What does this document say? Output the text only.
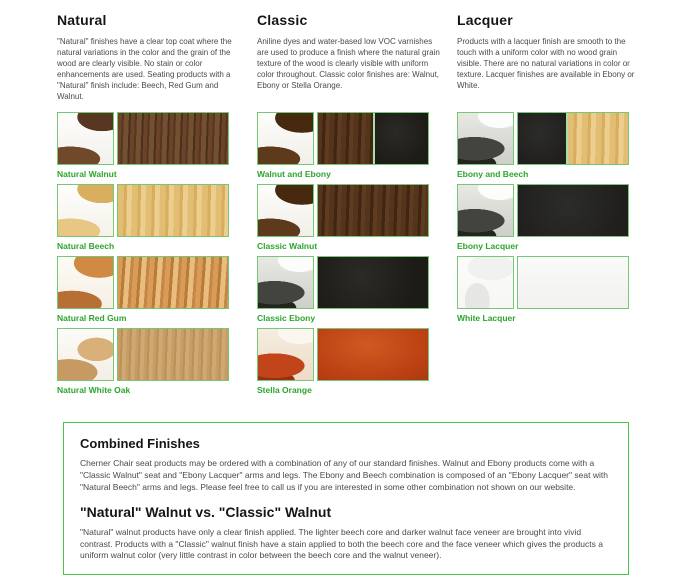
Natural
"Natural" finishes have a clear top coat where the natural variations in the color and the grain of the wood are clearly visible. No stain or color enhancements are used. Seating products with a "Natural" finish include: Beech, Red Gum and Walnut.
Natural Walnut
Natural Beech
Natural Red Gum
Natural White Oak
Classic
Aniline dyes and water-based low VOC varnishes are used to produce a finish where the natural grain texture of the wood is clearly visible with uniform color throughout. Classic color finishes are: Walnut, Ebony or Stella Orange.
Walnut and Ebony
Classic Walnut
Classic Ebony
Stella Orange
Lacquer
Products with a lacquer finish are smooth to the touch with a uniform color with no wood grain visible. There are no natural variations in color or texture. Lacquer finishes are available in Ebony or White.
Ebony and Beech
Ebony Lacquer
White Lacquer
Combined Finishes

Cherner Chair seat products may be ordered with a combination of any of our standard finishes. Walnut and Ebony products come with a "Classic Walnut" seat and "Ebony Lacquer" arms and legs. The Ebony and Beech combination is composed of an "Ebony Lacquer" seat with "Natural Beech" arms and legs. Please feel free to call us if you are interested in some other combination not shown on our website.

"Natural" Walnut vs. "Classic" Walnut

"Natural" walnut products have only a clear finish applied. The lighter beech core and darker walnut face veneer are brought into vivid contrast. Products with a "Classic" walnut finish have a stain applied to both the beech core and the face veneer which gives the products a uniform walnut color (very little contrast in color between the beech core and the walnut veneer).
